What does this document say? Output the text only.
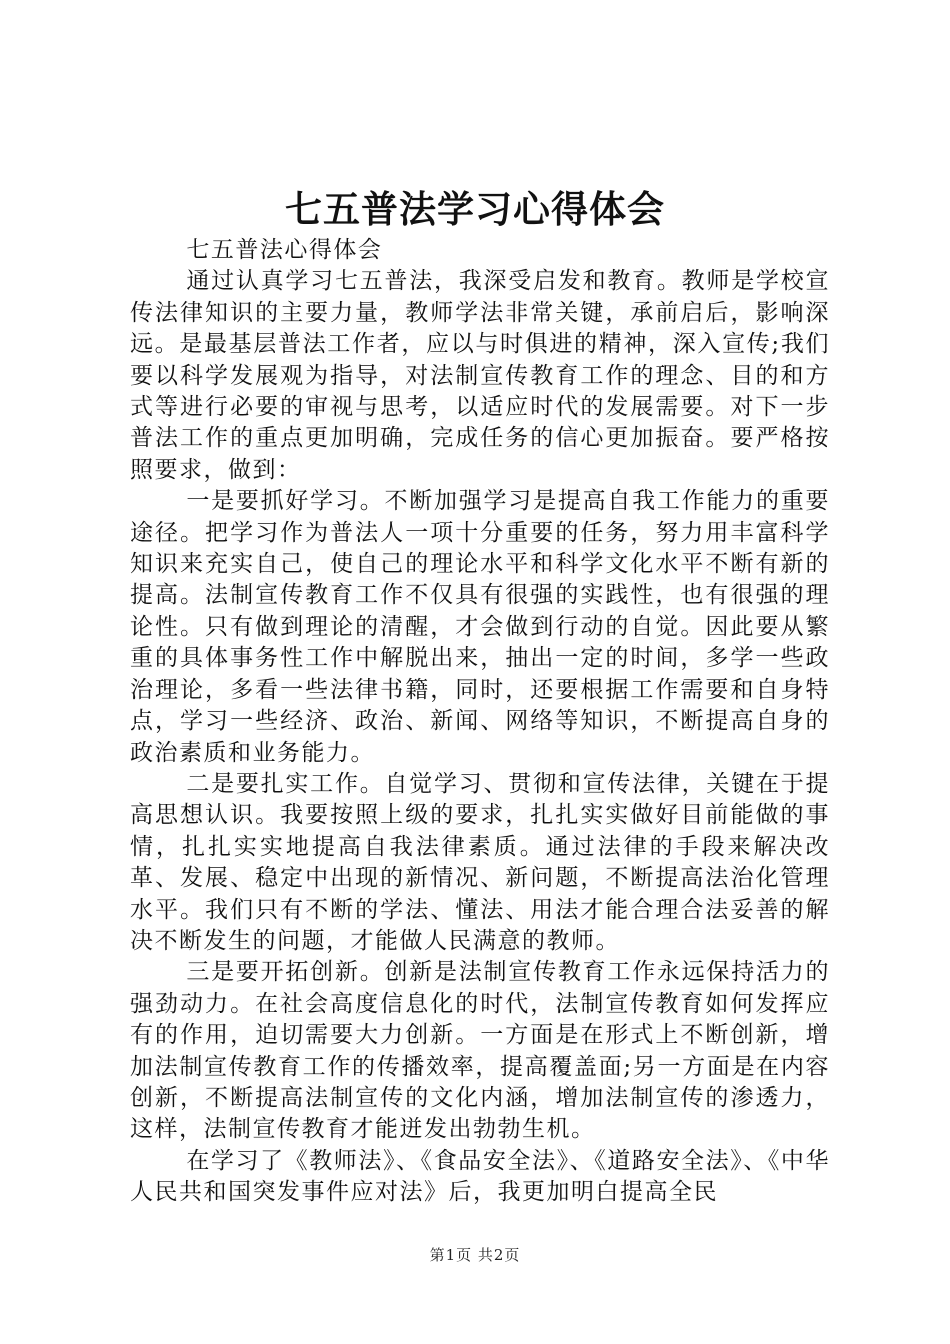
七五普法学习心得体会

七五普法心得体会

通过认真学习七五普法，我深受启发和教育。教师是学校宣传法律知识的主要力量，教师学法非常关键，承前启后，影响深远。是最基层普法工作者，应以与时俱进的精神，深入宣传;我们要以科学发展观为指导，对法制宣传教育工作的理念、目的和方式等进行必要的审视与思考，以适应时代的发展需要。对下一步普法工作的重点更加明确，完成任务的信心更加振奋。要严格按照要求，做到：

一是要抓好学习。不断加强学习是提高自我工作能力的重要途径。把学习作为普法人一项十分重要的任务，努力用丰富科学知识来充实自己，使自己的理论水平和科学文化水平不断有新的提高。法制宣传教育工作不仅具有很强的实践性，也有很强的理论性。只有做到理论的清醒，才会做到行动的自觉。因此要从繁重的具体事务性工作中解脱出来，抽出一定的时间，多学一些政治理论，多看一些法律书籍，同时，还要根据工作需要和自身特点，学习一些经济、政治、新闻、网络等知识，不断提高自身的政治素质和业务能力。

二是要扎实工作。自觉学习、贯彻和宣传法律，关键在于提高思想认识。我要按照上级的要求，扎扎实实做好目前能做的事情，扎扎实实地提高自我法律素质。通过法律的手段来解决改革、发展、稳定中出现的新情况、新问题，不断提高法治化管理水平。我们只有不断的学法、懂法、用法才能合理合法妥善的解决不断发生的问题，才能做人民满意的教师。

三是要开拓创新。创新是法制宣传教育工作永远保持活力的强劲动力。在社会高度信息化的时代，法制宣传教育如何发挥应有的作用，迫切需要大力创新。一方面是在形式上不断创新，增加法制宣传教育工作的传播效率，提高覆盖面;另一方面是在内容创新，不断提高法制宣传的文化内涵，增加法制宣传的渗透力，这样，法制宣传教育才能迸发出勃勃生机。

在学习了《教师法》、《食品安全法》、《道路安全法》、《中华人民共和国突发事件应对法》后，我更加明白提高全民

第1页 共2页
